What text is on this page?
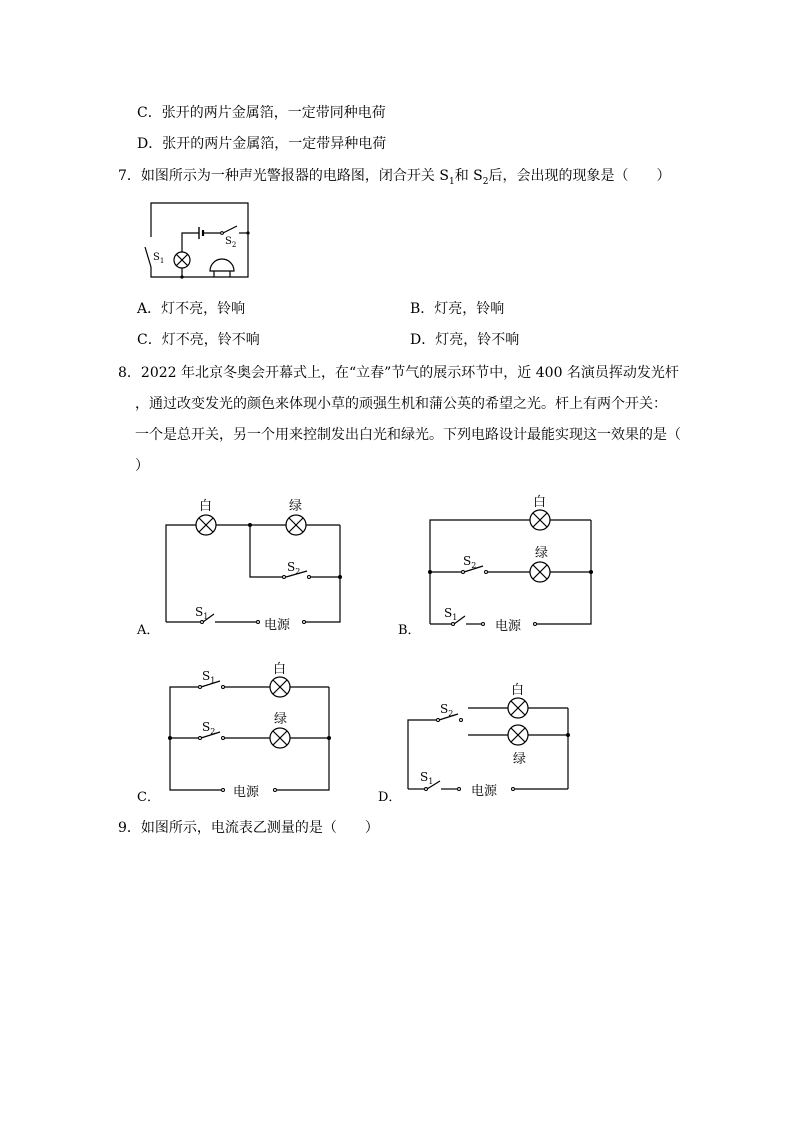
C．张开的两片金属箔，一定带同种电荷
D．张开的两片金属箔，一定带异种电荷
7．如图所示为一种声光警报器的电路图，闭合开关 $S_1$和 $S_2$后，会出现的现象是（　　）
$S_1$
$S_2$
A．灯不亮，铃响	B．灯亮，铃响
C．灯不亮，铃不响	D．灯亮，铃不响
8．2022 年北京冬奥会开幕式上，在“立春”节气的展示环节中，近 400 名演员挥动发光杆
，通过改变发光的颜色来体现小草的顽强生机和蒲公英的希望之光。杆上有两个开关：
一个是总开关，另一个用来控制发出白光和绿光。下列电路设计最能实现这一效果的是（
）
白	绿
$S_2$
$S_1$
电源
A．
白
绿
$S_2$
$S_1$
电源
B．
白
绿
$S_1$
$S_2$
电源
C．
白
绿
$S_2$
$S_1$
电源
D．
9．如图所示，电流表乙测量的是（　　）
